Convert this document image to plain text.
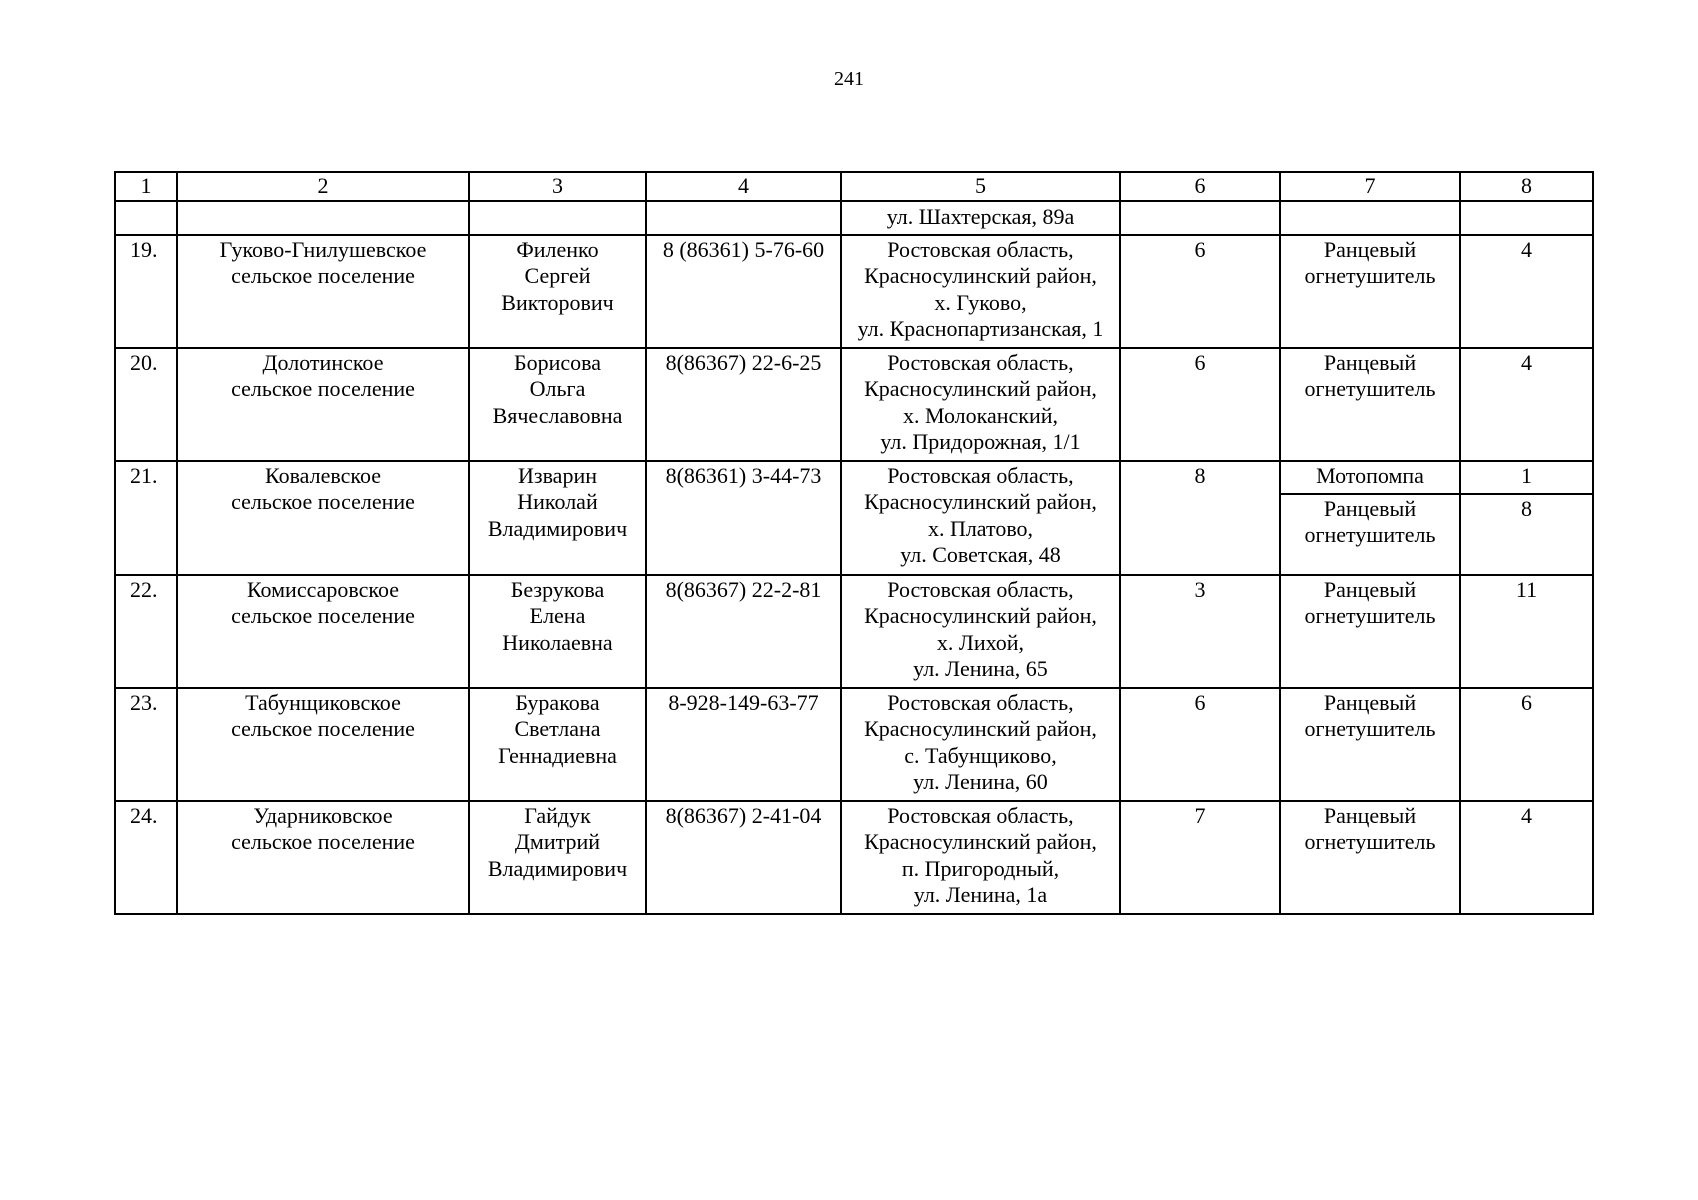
241
1	2	3	4	5	6	7	8
				ул. Шахтерская, 89а			
19.	Гуково-Гнилушевское
сельское поселение	Филенко
Сергей
Викторович	8 (86361) 5-76-60	Ростовская область,
Красносулинский район,
х. Гуково,
ул. Краснопартизанская, 1	6	Ранцевый
огнетушитель	4
20.	Долотинское
сельское поселение	Борисова
Ольга
Вячеславовна	8(86367) 22-6-25	Ростовская область,
Красносулинский район,
х. Молоканский,
ул. Придорожная, 1/1	6	Ранцевый
огнетушитель	4
21.	Ковалевское
сельское поселение	Изварин
Николай
Владимирович	8(86361) 3-44-73	Ростовская область,
Красносулинский район,
х. Платово,
ул. Советская, 48	8	Мотопомпа	1
						Ранцевый
огнетушитель	8
22.	Комиссаровское
сельское поселение	Безрукова
Елена
Николаевна	8(86367) 22-2-81	Ростовская область,
Красносулинский район,
х. Лихой,
ул. Ленина, 65	3	Ранцевый
огнетушитель	11
23.	Табунщиковское
сельское поселение	Буракова
Светлана
Геннадиевна	8-928-149-63-77	Ростовская область,
Красносулинский район,
с. Табунщиково,
ул. Ленина, 60	6	Ранцевый
огнетушитель	6
24.	Ударниковское
сельское поселение	Гайдук
Дмитрий
Владимирович	8(86367) 2-41-04	Ростовская область,
Красносулинский район,
п. Пригородный,
ул. Ленина, 1а	7	Ранцевый
огнетушитель	4
